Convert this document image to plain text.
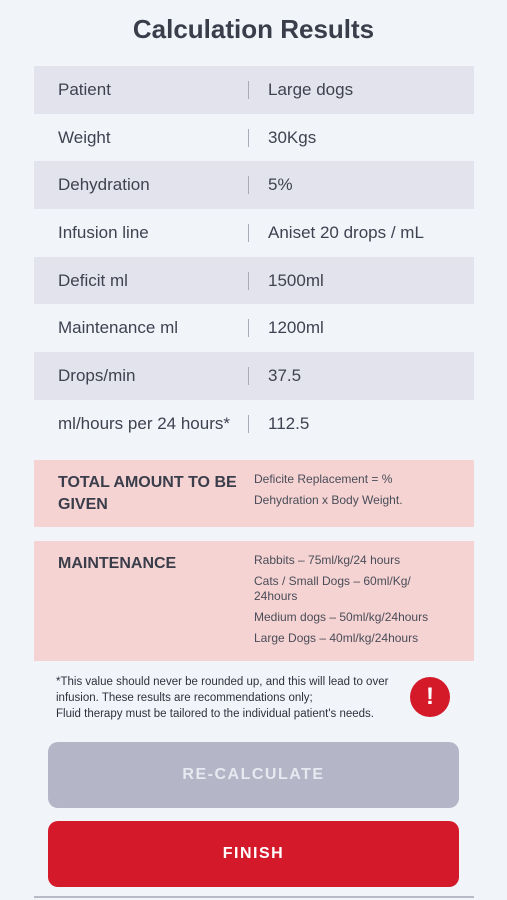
Calculation Results
Patient	Large dogs
Weight	30Kgs
Dehydration	5%
Infusion line	Aniset 20 drops / mL
Deficit ml	1500ml
Maintenance ml	1200ml
Drops/min	37.5
ml/hours per 24 hours*	112.5
TOTAL AMOUNT TO BE GIVEN
Deficite Replacement = %
Dehydration x Body Weight.
MAINTENANCE	Rabbits – 75ml/kg/24 hours

Cats / Small Dogs – 60ml/Kg/ 24hours

Medium dogs – 50ml/kg/24hours

Large Dogs – 40ml/kg/24hours

*This value should never be rounded up, and this will lead to over infusion. These results are recommendations only;
Fluid therapy must be tailored to the individual patient's needs.
!
RE-CALCULATE
FINISH
